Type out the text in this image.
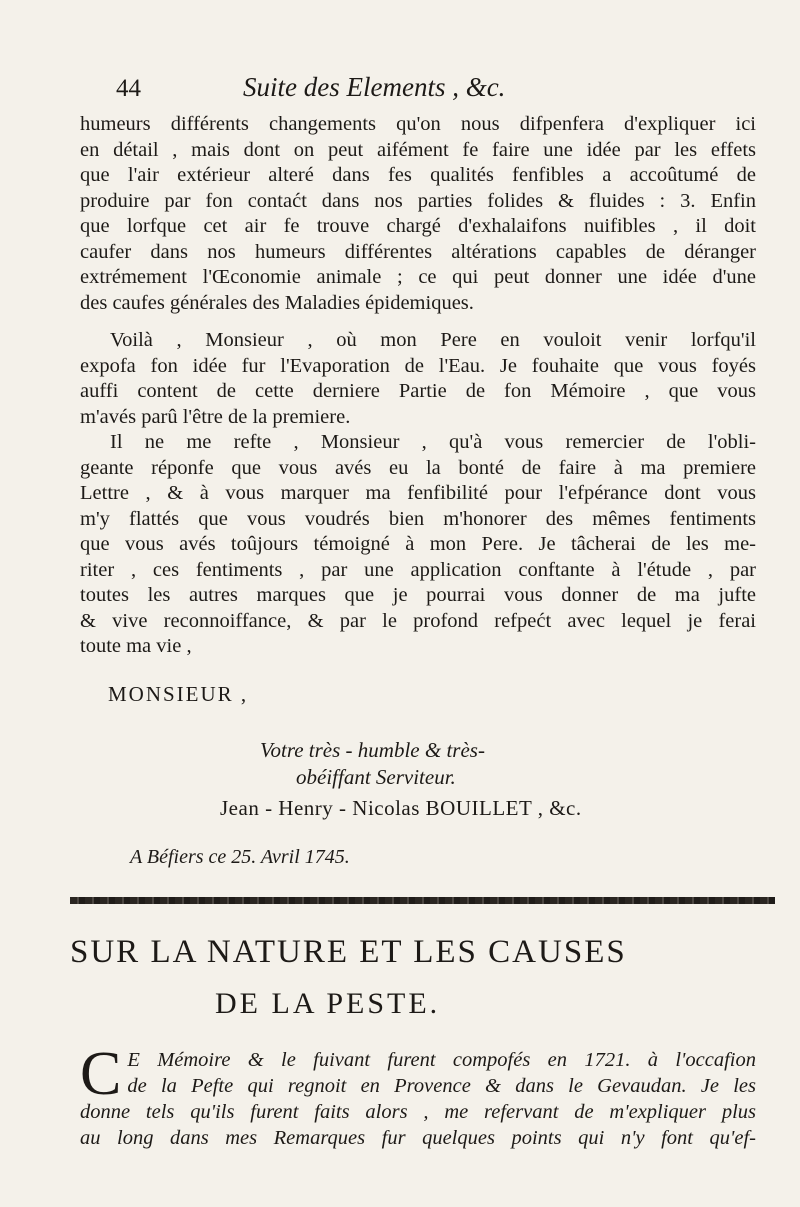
44	Suite des Elements , &c.
humeurs différents changements qu'on nous difpenfera d'expliquer ici
en détail , mais dont on peut aifément fe faire une idée par les effets
que l'air extérieur alteré dans fes qualités fenfibles a accoûtumé de
produire par fon contaćt dans nos parties folides & fluides : 3. Enfin
que lorfque cet air fe trouve chargé d'exhalaifons nuifibles , il doit
caufer dans nos humeurs différentes altérations capables de déranger
extrémement l'Œconomie animale ; ce qui peut donner une idée d'une
des caufes générales des Maladies épidemiques.
Voilà , Monsieur , où mon Pere en vouloit venir lorfqu'il
expofa fon idée fur l'Evaporation de l'Eau. Je fouhaite que vous foyés
auffi content de cette derniere Partie de fon Mémoire , que vous
m'avés parû l'être de la premiere.
Il ne me refte , Monsieur , qu'à vous remercier de l'obli-
geante réponfe que vous avés eu la bonté de faire à ma premiere
Lettre , & à vous marquer ma fenfibilité pour l'efpérance dont vous
m'y flattés que vous voudrés bien m'honorer des mêmes fentiments
que vous avés toûjours témoigné à mon Pere. Je tâcherai de les me-
riter , ces fentiments , par une application conftante à l'étude , par
toutes les autres marques que je pourrai vous donner de ma jufte
& vive reconnoiffance, & par le profond refpećt avec lequel je ferai
toute ma vie ,
MONSIEUR ,
Votre très - humble & très-
obéiffant Serviteur.
Jean - Henry - Nicolas BOUILLET , &c.
A Béfiers ce 25. Avril 1745.
SUR LA NATURE ET LES CAUSES
DE LA PESTE.
C E Mémoire & le fuivant furent compofés en 1721. à l'occafion
de la Pefte qui regnoit en Provence & dans le Gevaudan. Je les
donne tels qu'ils furent faits alors , me refervant de m'expliquer plus
au long dans mes Remarques fur quelques points qui n'y font qu'ef-
